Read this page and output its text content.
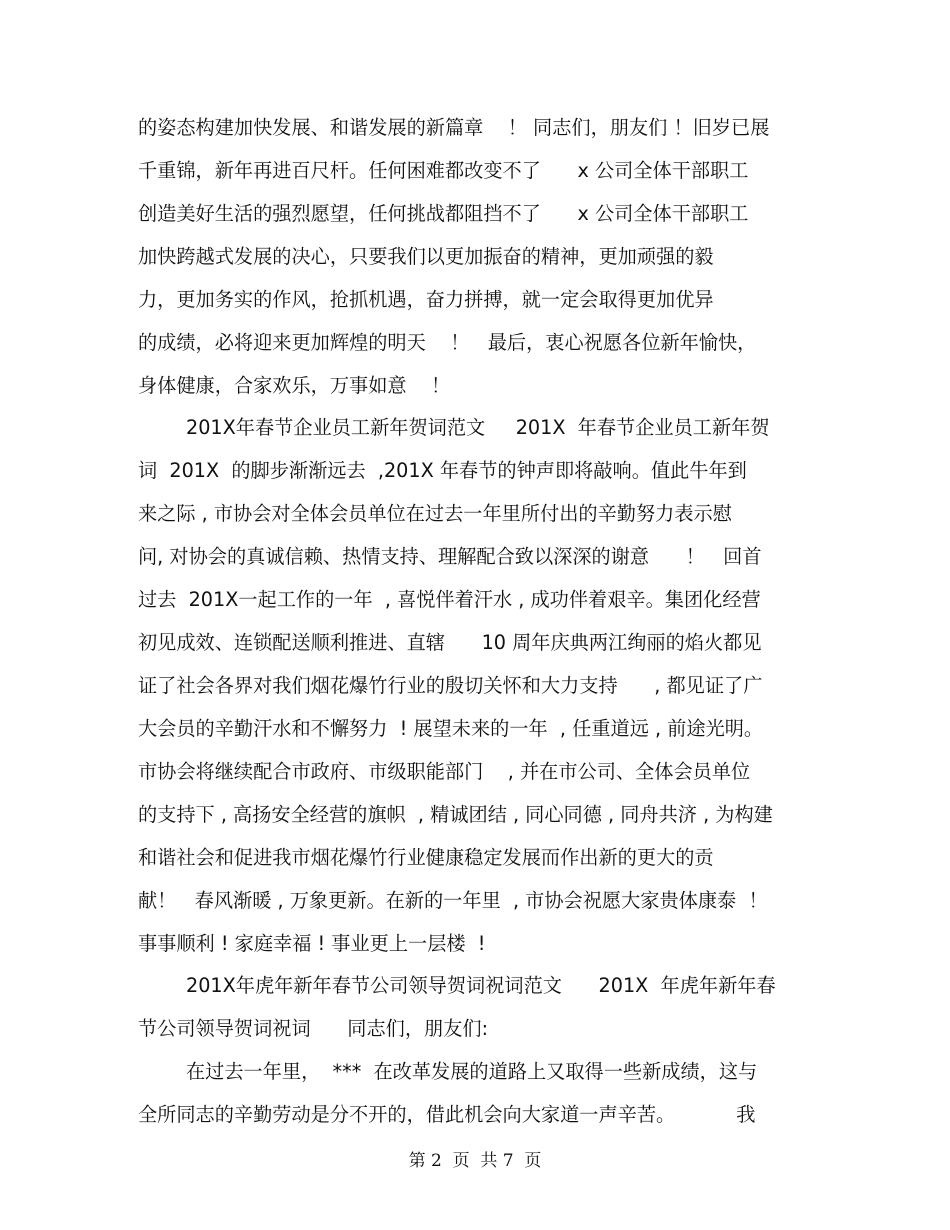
的姿态构建加快发展、和谐发展的新篇章    ！ 同志们，朋友们 ！旧岁已展
千重锦，新年再进百尺杆。任何困难都改变不了      x 公司全体干部职工
创造美好生活的强烈愿望，任何挑战都阻挡不了      x 公司全体干部职工
加快跨越式发展的决心，只要我们以更加振奋的精神，更加顽强的毅
力，更加务实的作风，抢抓机遇，奋力拼搏，就一定会取得更加优异
的成绩，必将迎来更加辉煌的明天    ！   最后，衷心祝愿各位新年愉快，
身体健康，合家欢乐，万事如意    ！
201X年春节企业员工新年贺词范文     201X  年春节企业员工新年贺
词  201X  的脚步渐渐远去  ,201X 年春节的钟声即将敲响。值此牛年到
来之际 , 市协会对全体会员单位在过去一年里所付出的辛勤努力表示慰
问, 对协会的真诚信赖、热情支持、理解配合致以深深的谢意      ！   回首
过去  201X一起工作的一年  , 喜悦伴着汗水 , 成功伴着艰辛。集团化经营
初见成效、连锁配送顺利推进、直辖      10 周年庆典两江绚丽的焰火都见
证了社会各界对我们烟花爆竹行业的殷切关怀和大力支持      , 都见证了广
大会员的辛勤汗水和不懈努力  ! 展望未来的一年  , 任重道远 , 前途光明。
市协会将继续配合市政府、市级职能部门    , 并在市公司、全体会员单位
的支持下 , 高扬安全经营的旗帜  , 精诚团结 , 同心同德 , 同舟共济 , 为构建
和谐社会和促进我市烟花爆竹行业健康稳定发展而作出新的更大的贡
献！   春风渐暖 , 万象更新。在新的一年里  , 市协会祝愿大家贵体康泰  ！
事事顺利 ! 家庭幸福 ! 事业更上一层楼  !
201X年虎年新年春节公司领导贺词祝词范文      201X  年虎年新年春
节公司领导贺词祝词      同志们，朋友们:
在过去一年里，  ***  在改革发展的道路上又取得一些新成绩，这与
全所同志的辛勤劳动是分不开的，借此机会向大家道一声辛苦。          我
第 2  页  共 7  页
